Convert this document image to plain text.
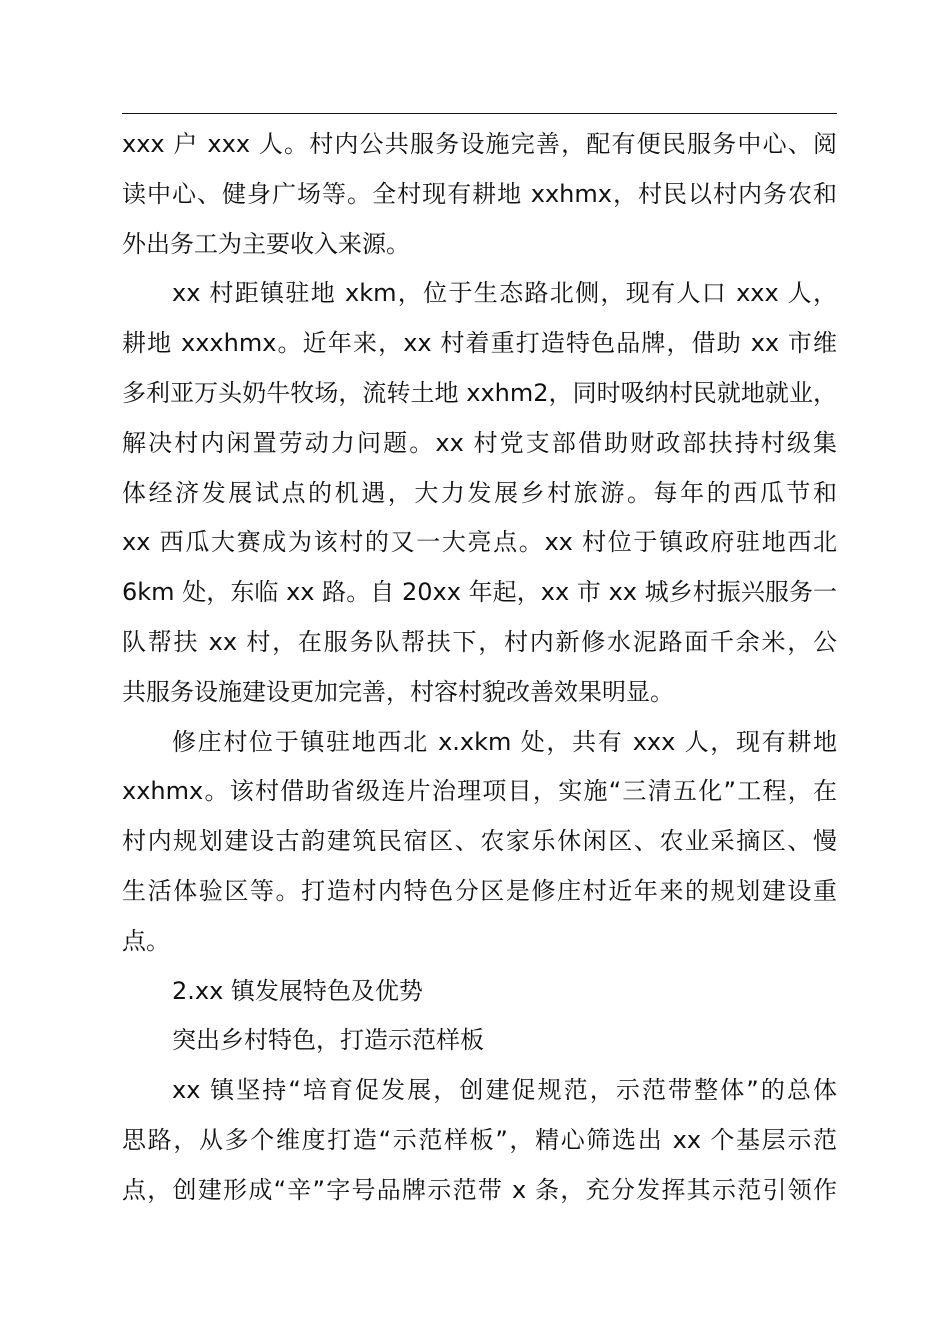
xxx 户 xxx 人。村内公共服务设施完善，配有便民服务中心、阅
读中心、健身广场等。全村现有耕地 xxhmx，村民以村内务农和
外出务工为主要收入来源。
xx 村距镇驻地 xkm，位于生态路北侧，现有人口 xxx 人，
耕地 xxxhmx。近年来，xx 村着重打造特色品牌，借助 xx 市维
多利亚万头奶牛牧场，流转土地 xxhm2，同时吸纳村民就地就业，
解决村内闲置劳动力问题。xx 村党支部借助财政部扶持村级集
体经济发展试点的机遇，大力发展乡村旅游。每年的西瓜节和
xx 西瓜大赛成为该村的又一大亮点。xx 村位于镇政府驻地西北
6km 处，东临 xx 路。自 20xx 年起，xx 市 xx 城乡村振兴服务一
队帮扶 xx 村，在服务队帮扶下，村内新修水泥路面千余米，公
共服务设施建设更加完善，村容村貌改善效果明显。
修庄村位于镇驻地西北 x.xkm 处，共有 xxx 人，现有耕地
xxhmx。该村借助省级连片治理项目，实施“三清五化”工程，在
村内规划建设古韵建筑民宿区、农家乐休闲区、农业采摘区、慢
生活体验区等。打造村内特色分区是修庄村近年来的规划建设重
点。
2.xx 镇发展特色及优势
突出乡村特色，打造示范样板
xx 镇坚持“培育促发展，创建促规范，示范带整体”的总体
思路，从多个维度打造“示范样板”，精心筛选出 xx 个基层示范
点，创建形成“辛”字号品牌示范带 x 条，充分发挥其示范引领作
